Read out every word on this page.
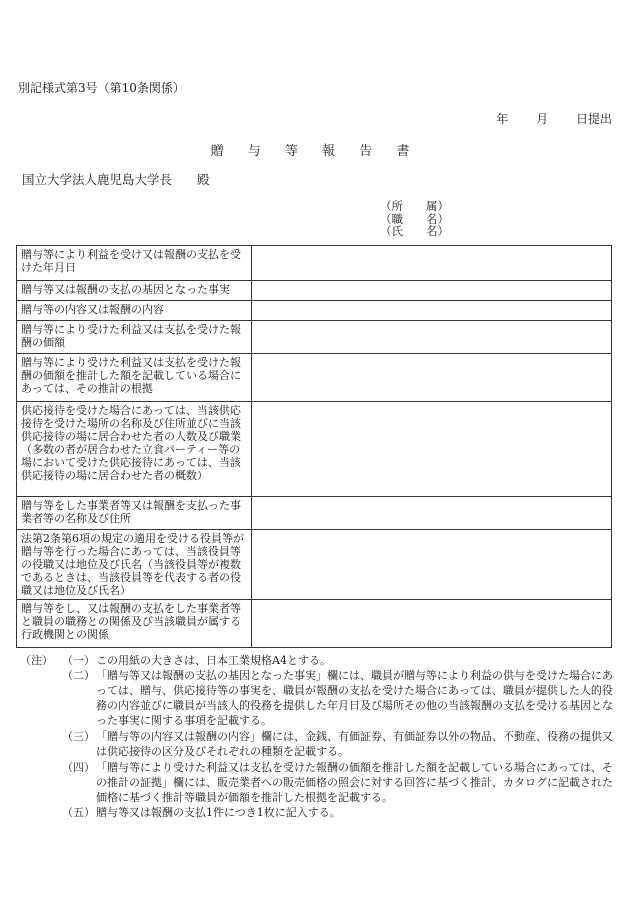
別記様式第3号（第10条関係）
年 月 日提出
贈 与 等 報 告 書
国立大学法人鹿児島大学長　　殿
（所　　属）
（職　　名）
（氏　　名）
贈与等により利益を受け又は報酬の支払を受けた年月日	
贈与等又は報酬の支払の基因となった事実	
贈与等の内容又は報酬の内容	
贈与等により受けた利益又は支払を受けた報酬の価額	
贈与等により受けた利益又は支払を受けた報酬の価額を推計した額を記載している場合にあっては、その推計の根拠	
供応接待を受けた場合にあっては、当該供応接待を受けた場所の名称及び住所並びに当該供応接待の場に居合わせた者の人数及び職業（多数の者が居合わせた立食パーティー等の場において受けた供応接待にあっては、当該供応接待の場に居合わせた者の概数）	
贈与等をした事業者等又は報酬を支払った事業者等の名称及び住所	
法第2条第6項の規定の適用を受ける役員等が贈与等を行った場合にあっては、当該役員等の役職又は地位及び氏名（当該役員等が複数であるときは、当該役員等を代表する者の役職又は地位及び氏名）	
贈与等をし、又は報酬の支払をした事業者等と職員の職務との関係及び当該職員が属する行政機関との関係	
（注） （一） この用紙の大きさは、日本工業規格A4とする。
（二） 「贈与等又は報酬の支払の基因となった事実」欄には、職員が贈与等により利益の供与を受けた場合にあっては、贈与、供応接待等の事実を、職員が報酬の支払を受けた場合にあっては、職員が提供した人的役務の内容並びに職員が当該人的役務を提供した年月日及び場所その他の当該報酬の支払を受ける基因となった事実に関する事項を記載する。
（三） 「贈与等の内容又は報酬の内容」欄には、金銭、有価証券、有価証券以外の物品、不動産、役務の提供又は供応接待の区分及びそれぞれの種類を記載する。
（四） 「贈与等により受けた利益又は支払を受けた報酬の価額を推計した額を記載している場合にあっては、その推計の証拠」欄には、販売業者への販売価格の照会に対する回答に基づく推計、カタログに記載された価格に基づく推計等職員が価額を推計した根拠を記載する。
（五） 贈与等又は報酬の支払1件につき1枚に記入する。
